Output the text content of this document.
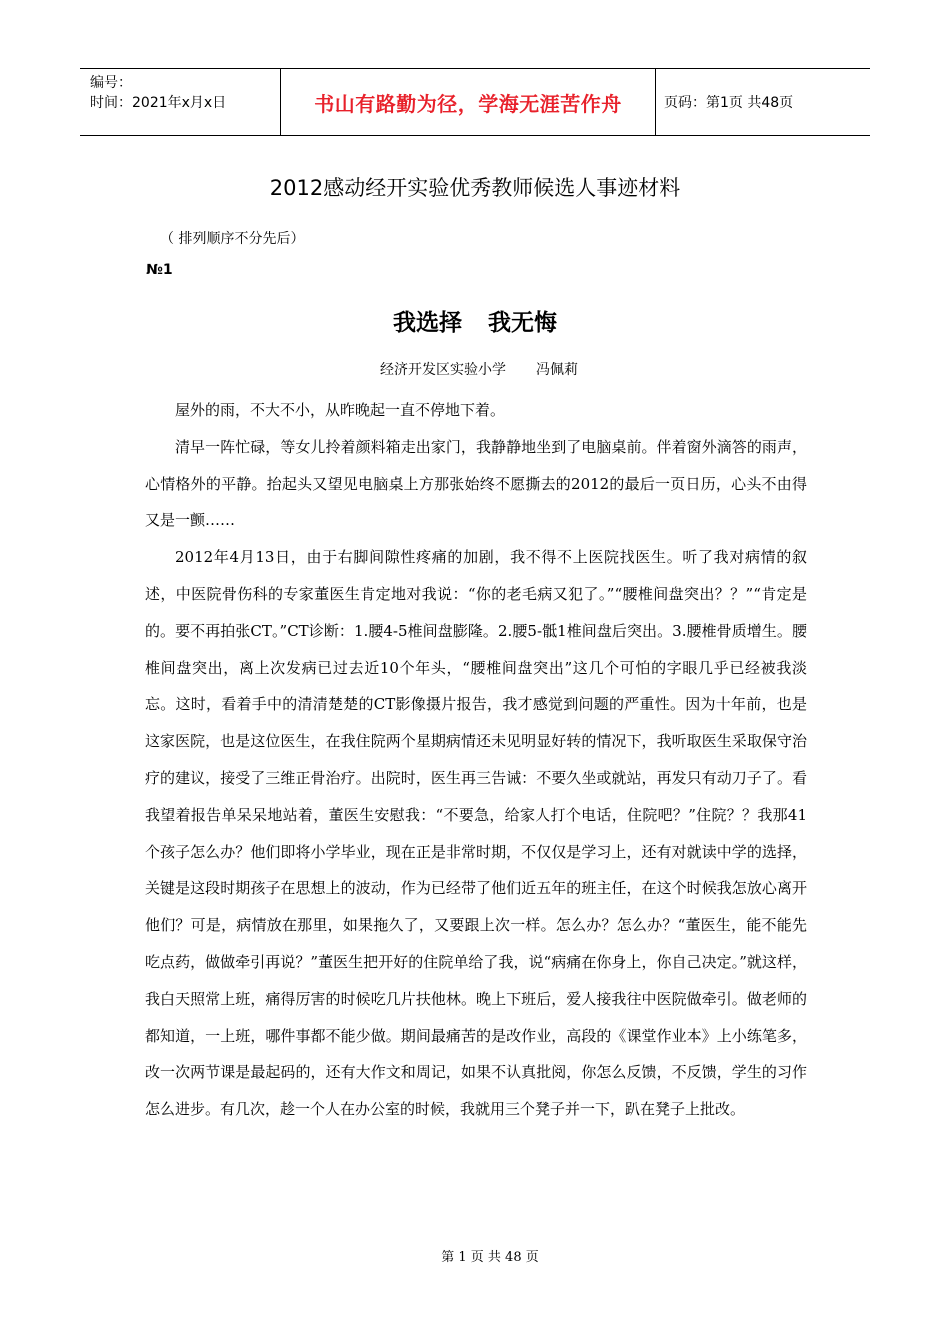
编号：
时间：2021年x月x日	书山有路勤为径，学海无涯苦作舟	页码：第1页 共48页
2012感动经开实验优秀教师候选人事迹材料
（ 排列顺序不分先后）
№1
我选择 我无悔
经济开发区实验小学 冯佩莉

屋外的雨，不大不小，从昨晚起一直不停地下着。

清早一阵忙碌，等女儿拎着颜料箱走出家门，我静静地坐到了电脑桌前。伴着窗外滴答的雨声，心情格外的平静。抬起头又望见电脑桌上方那张始终不愿撕去的2012的最后一页日历，心头不由得又是一颤……

2012年4月13日，由于右脚间隙性疼痛的加剧，我不得不上医院找医生。听了我对病情的叙述，中医院骨伤科的专家董医生肯定地对我说：“你的老毛病又犯了。”“腰椎间盘突出？？”“肯定是的。要不再拍张CT。”CT诊断：1.腰4-5椎间盘膨隆。2.腰5-骶1椎间盘后突出。3.腰椎骨质增生。腰椎间盘突出，离上次发病已过去近10个年头，“腰椎间盘突出”这几个可怕的字眼几乎已经被我淡忘。这时，看着手中的清清楚楚的CT影像摄片报告，我才感觉到问题的严重性。因为十年前，也是这家医院，也是这位医生，在我住院两个星期病情还未见明显好转的情况下，我听取医生采取保守治疗的建议，接受了三维正骨治疗。出院时，医生再三告诫：不要久坐或就站，再发只有动刀子了。看我望着报告单呆呆地站着，董医生安慰我：“不要急，给家人打个电话，住院吧？”住院？？我那41个孩子怎么办？他们即将小学毕业，现在正是非常时期，不仅仅是学习上，还有对就读中学的选择，关键是这段时期孩子在思想上的波动，作为已经带了他们近五年的班主任，在这个时候我怎放心离开他们？可是，病情放在那里，如果拖久了，又要跟上次一样。怎么办？怎么办？“董医生，能不能先吃点药，做做牵引再说？”董医生把开好的住院单给了我，说“病痛在你身上，你自己决定。”就这样，我白天照常上班，痛得厉害的时候吃几片扶他林。晚上下班后，爱人接我往中医院做牵引。做老师的都知道，一上班，哪件事都不能少做。期间最痛苦的是改作业，高段的《课堂作业本》上小练笔多，改一次两节课是最起码的，还有大作文和周记，如果不认真批阅，你怎么反馈，不反馈，学生的习作怎么进步。有几次，趁一个人在办公室的时候，我就用三个凳子并一下，趴在凳子上批改。

第 1 页 共 48 页
